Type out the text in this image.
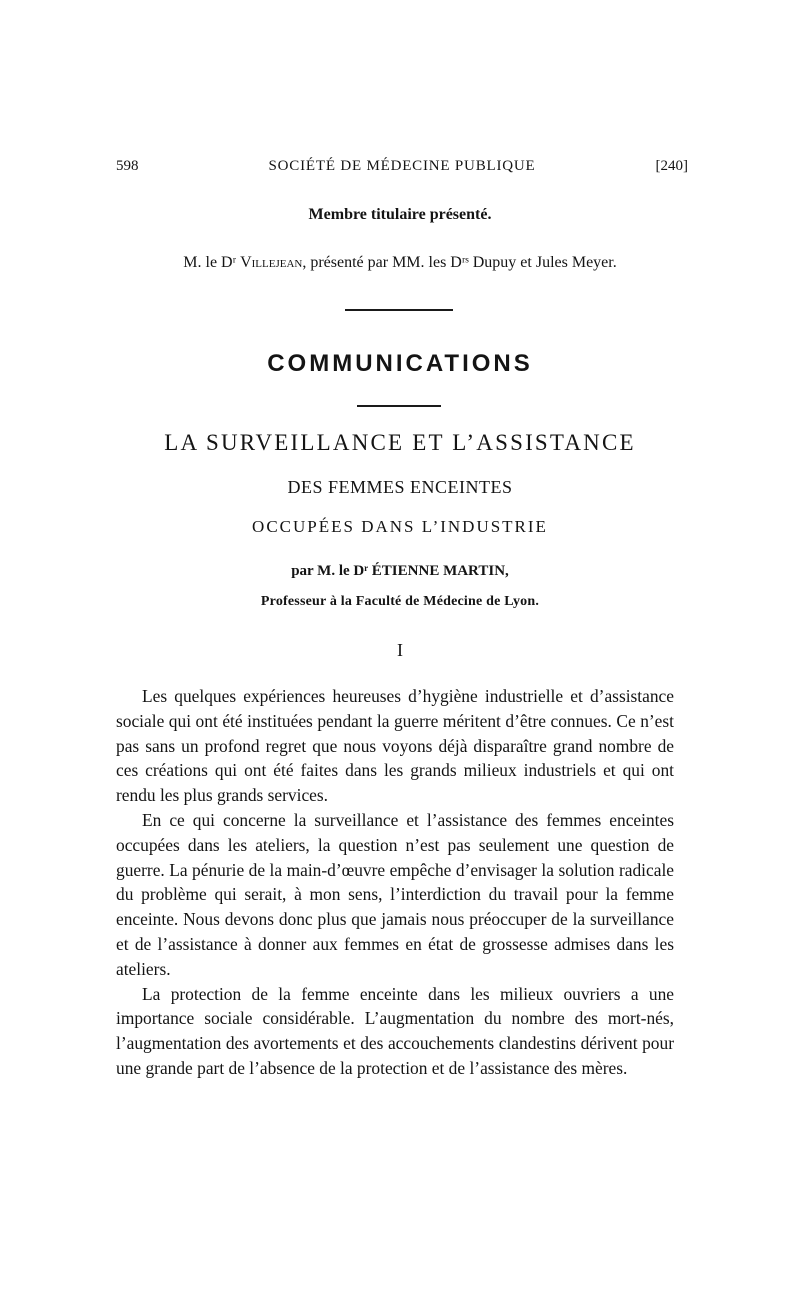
598	SOCIÉTÉ DE MÉDECINE PUBLIQUE	[240]
Membre titulaire présenté.
M. le Dʳ Villejean, présenté par MM. les Dʳˢ Dupuy et Jules Meyer.
COMMUNICATIONS
LA SURVEILLANCE ET L’ASSISTANCE
DES FEMMES ENCEINTES
OCCUPÉES DANS L’INDUSTRIE
par M. le Dʳ ÉTIENNE MARTIN,
Professeur à la Faculté de Médecine de Lyon.
I

Les quelques expériences heureuses d’hygiène industrielle et d’assistance sociale qui ont été instituées pendant la guerre méritent d’être connues. Ce n’est pas sans un profond regret que nous voyons déjà disparaître grand nombre de ces créations qui ont été faites dans les grands milieux industriels et qui ont rendu les plus grands services.

En ce qui concerne la surveillance et l’assistance des femmes enceintes occupées dans les ateliers, la question n’est pas seulement une question de guerre. La pénurie de la main-d’œuvre empêche d’envisager la solution radicale du problème qui serait, à mon sens, l’interdiction du travail pour la femme enceinte. Nous devons donc plus que jamais nous préoccuper de la surveillance et de l’assistance à donner aux femmes en état de grossesse admises dans les ateliers.

La protection de la femme enceinte dans les milieux ouvriers a une importance sociale considérable. L’augmentation du nombre des mort-nés, l’augmentation des avortements et des accouchements clandestins dérivent pour une grande part de l’absence de la protection et de l’assistance des mères.
